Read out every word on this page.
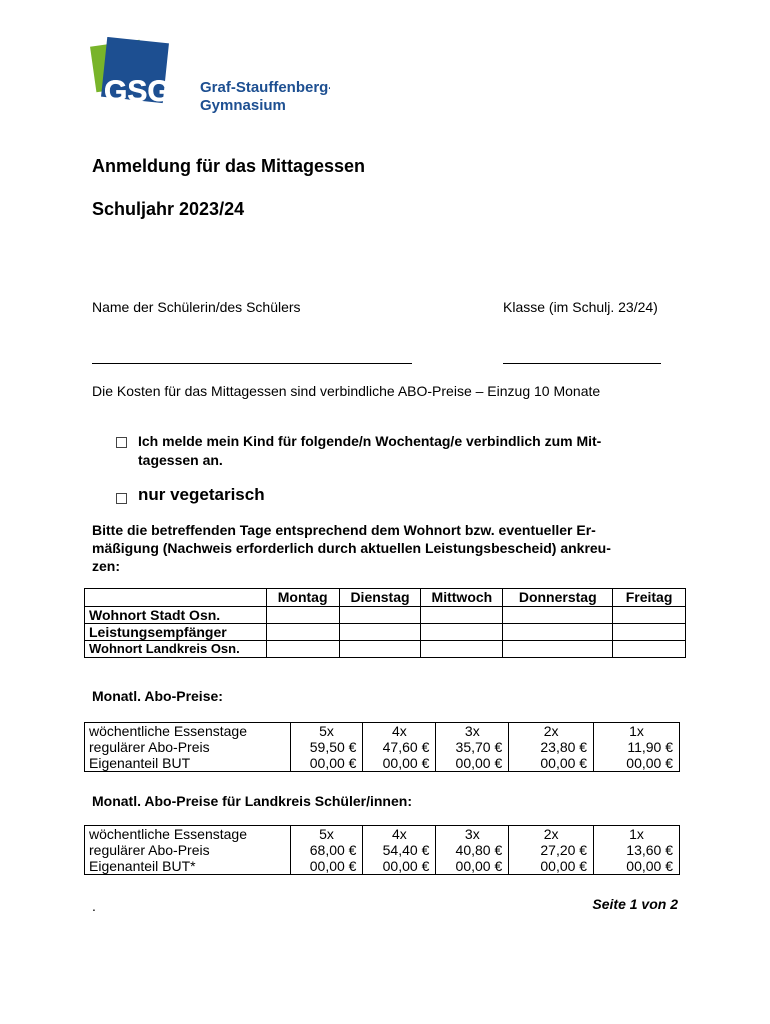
GSG Graf-Stauffenberg-
Gymnasium
Anmeldung für das Mittagessen
Schuljahr 2023/24
Name der Schülerin/des Schülers	Klasse (im Schulj. 23/24)
Die Kosten für das Mittagessen sind verbindliche ABO-Preise – Einzug 10 Monate
Ich melde mein Kind für folgende/n Wochentag/e verbindlich zum Mit-
tagessen an.
nur vegetarisch
Bitte die betreffenden Tage entsprechend dem Wohnort bzw. eventueller Er-
mäßigung (Nachweis erforderlich durch aktuellen Leistungsbescheid) ankreu-
zen:
	Montag	Dienstag	Mittwoch	Donnerstag	Freitag
Wohnort Stadt Osn.					
Leistungsempfänger					
Wohnort Landkreis Osn.					
Monatl. Abo-Preise:
wöchentliche Essenstage	5x	4x	3x	2x	1x
regulärer Abo-Preis	59,50 €	47,60 €	35,70 €	23,80 €	11,90 €
Eigenanteil BUT	00,00 €	00,00 €	00,00 €	00,00 €	00,00 €
Monatl. Abo-Preise für Landkreis Schüler/innen:
wöchentliche Essenstage	5x	4x	3x	2x	1x
regulärer Abo-Preis	68,00 €	54,40 €	40,80 €	27,20 €	13,60 €
Eigenanteil BUT*	00,00 €	00,00 €	00,00 €	00,00 €	00,00 €
.	Seite 1 von 2
